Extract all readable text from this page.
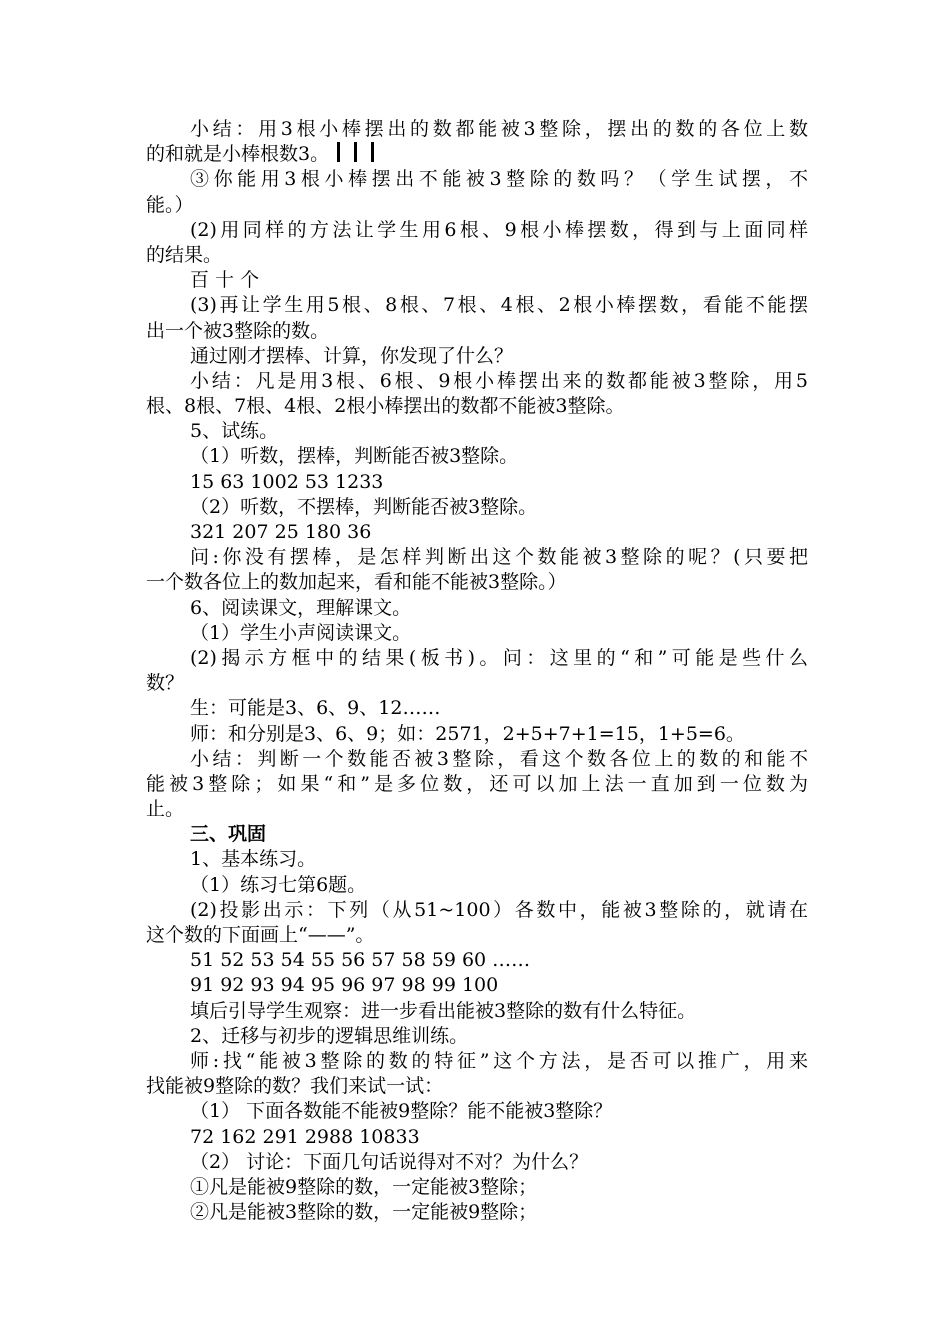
小结：用3根小棒摆出的数都能被3整除，摆出的数的各位上数
的和就是小棒根数3。
③你能用3根小棒摆出不能被3整除的数吗？（学生试摆，不
能。）
(2)用同样的方法让学生用6根、9根小棒摆数，得到与上面同样
的结果。
百 十 个
(3)再让学生用5根、8根、7根、4根、2根小棒摆数，看能不能摆
出一个被3整除的数。
通过刚才摆棒、计算，你发现了什么？
小结：凡是用3根、6根、9根小棒摆出来的数都能被3整除，用5
根、8根、7根、4根、2根小棒摆出的数都不能被3整除。
5、试练。
（1）听数，摆棒，判断能否被3整除。
15 63 1002 53 1233
（2）听数，不摆棒，判断能否被3整除。
321 207 25 180 36
问:你没有摆棒，是怎样判断出这个数能被3整除的呢？(只要把
一个数各位上的数加起来，看和能不能被3整除。）
6、阅读课文，理解课文。
（1）学生小声阅读课文。
(2)揭示方框中的结果(板书)。问：这里的“和”可能是些什么
数？
生：可能是3、6、9、12……
师：和分别是3、6、9；如：2571，2+5+7+1=15，1+5=6。
小结：判断一个数能否被3整除，看这个数各位上的数的和能不
能被3整除；如果“和”是多位数，还可以加上法一直加到一位数为
止。
三、巩固
1、基本练习。
（1）练习七第6题。
(2)投影出示：下列（从51~100）各数中，能被3整除的，就请在
这个数的下面画上“——”。
51 52 53 54 55 56 57 58 59 60 ……
91 92 93 94 95 96 97 98 99 100
填后引导学生观察：进一步看出能被3整除的数有什么特征。
2、迁移与初步的逻辑思维训练。
师:找“能被3整除的数的特征”这个方法，是否可以推广，用来
找能被9整除的数？我们来试一试：
（1） 下面各数能不能被9整除？能不能被3整除？
72 162 291 2988 10833
（2） 讨论：下面几句话说得对不对？为什么？
①凡是能被9整除的数，一定能被3整除；
②凡是能被3整除的数，一定能被9整除；
